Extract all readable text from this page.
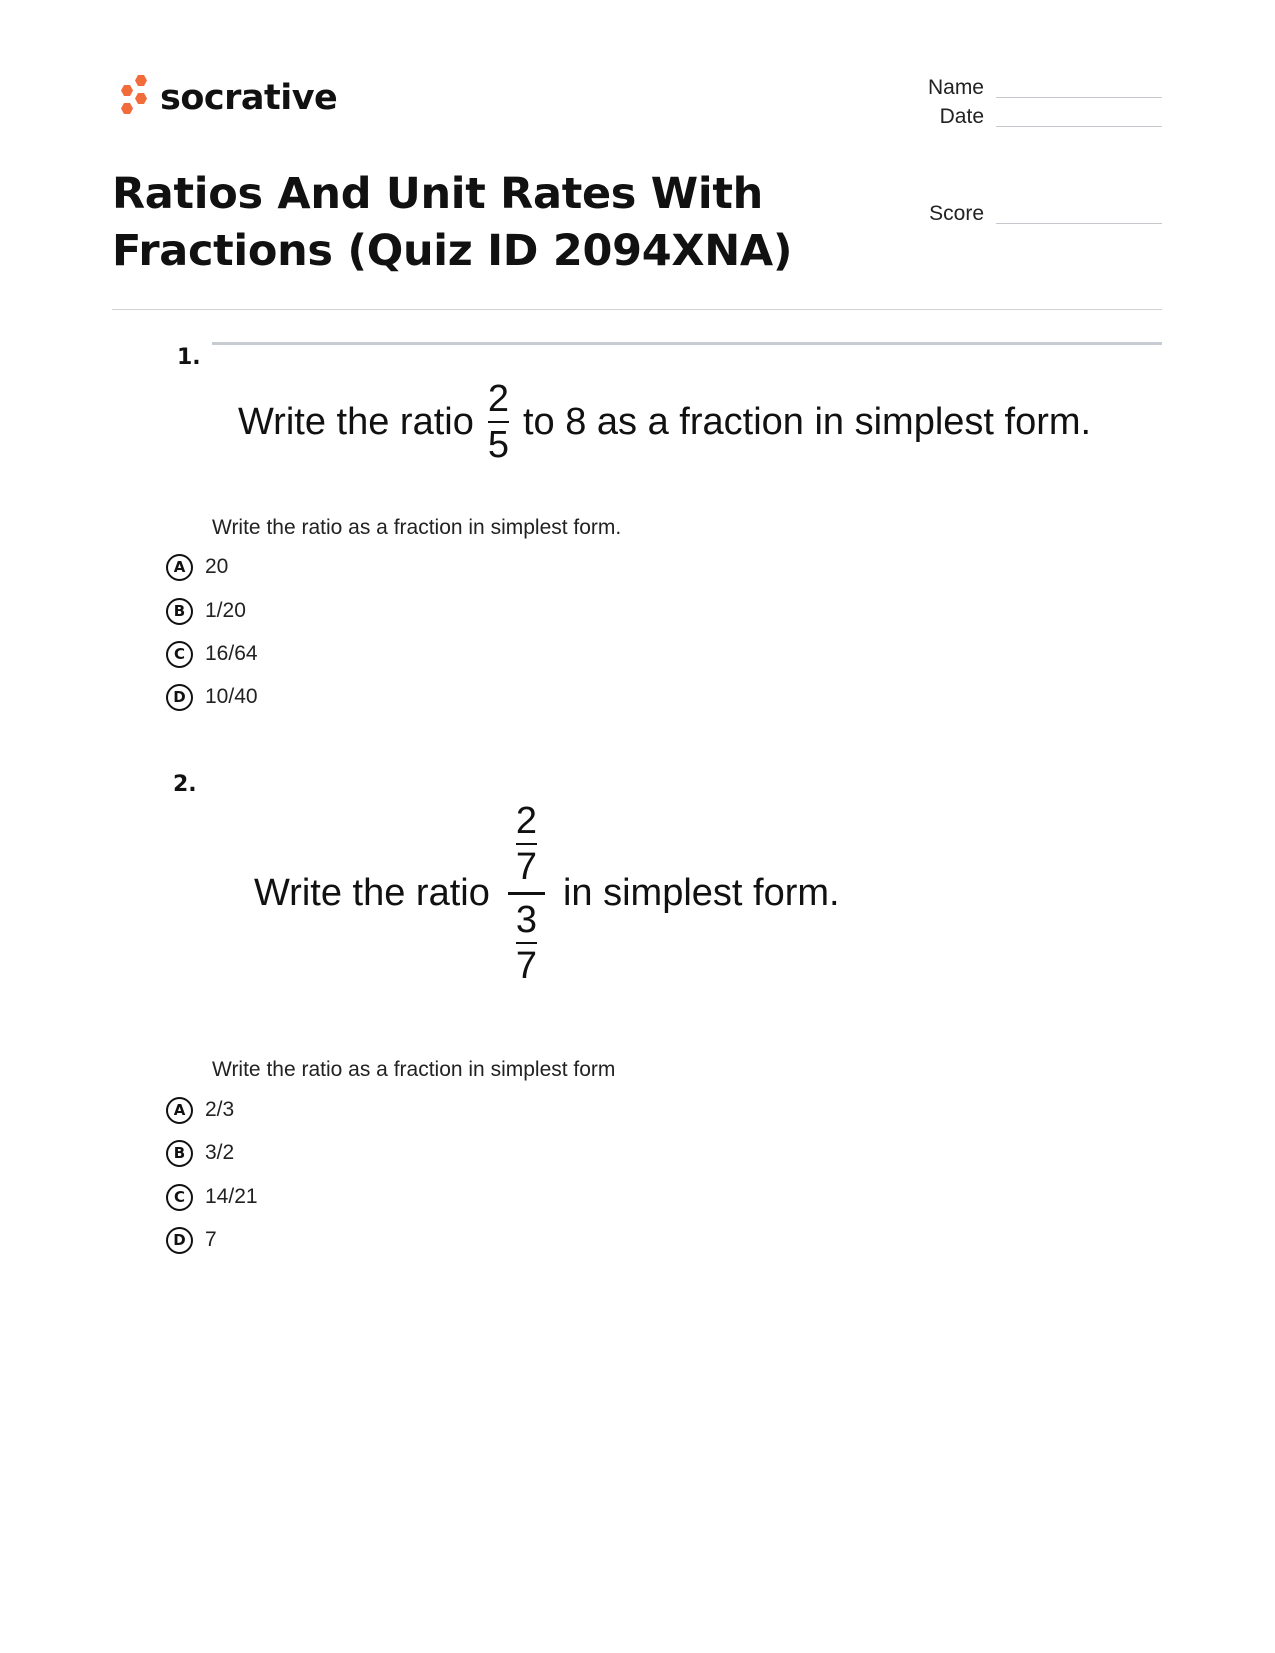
socrative	Name
Date
Score
Ratios And Unit Rates With Fractions (Quiz ID 2094XNA)
1.
Write the ratio $\frac{2}{5}$ to 8 as a fraction in simplest form.
Write the ratio as a fraction in simplest form.
A 20
B 1/20
C 16/64
D 10/40
2.
Write the ratio $\frac{\frac{2}{7}}{\frac{3}{7}}$ in simplest form.
Write the ratio as a fraction in simplest form
A 2/3
B 3/2
C 14/21
D 7
